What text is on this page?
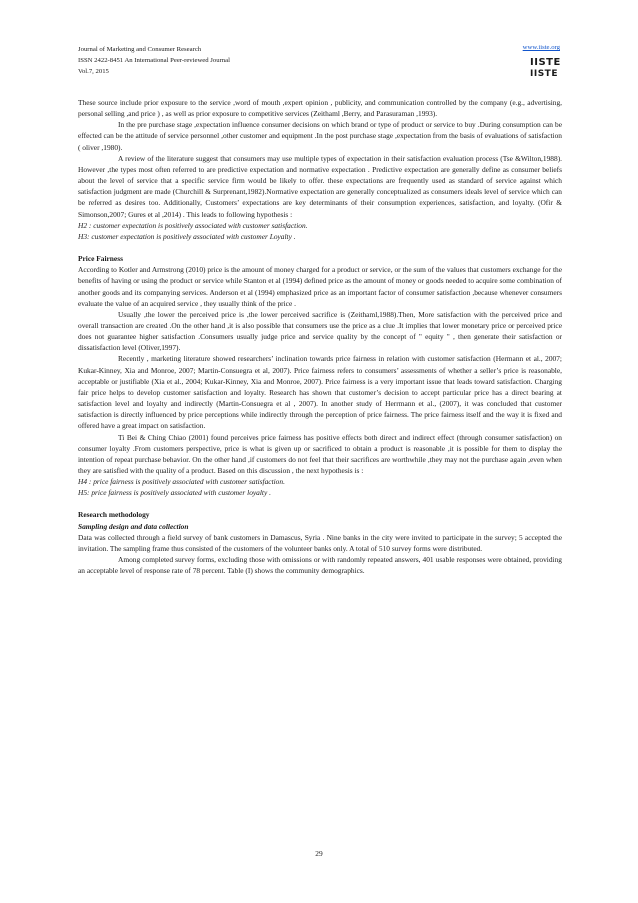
Journal of Marketing and Consumer Research

ISSN 2422-8451 An International Peer-reviewed Journal

Vol.7, 2015

www.iiste.org
IISTE
IISTE

These source include prior exposure to the service ,word of mouth ,expert opinion , publicity, and communication controlled by the company (e.g., advertising, personal selling ,and price ) , as well as prior exposure to competitive services (Zeithaml ,Berry, and Parasuraman ,1993).

In the pre purchase stage ,expectation influence consumer decisions on which brand or type of product or service to buy .During consumption can be effected can be the attitude of service personnel ,other customer and equipment .In the post purchase stage ,expectation from the basis of evaluations of satisfaction ( oliver ,1980).

A review of the literature suggest that consumers may use multiple types of expectation in their satisfaction evaluation process (Tse &Wilton,1988). However ,the types most often referred to are predictive expectation and normative expectation . Predictive expectation are generally define as consumer beliefs about the level of service that a specific service firm would be likely to offer. these expectations are frequently used as standard of service against which satisfaction judgment are made (Churchill & Surprenant,1982).Normative expectation are generally conceptualized as consumers ideals level of service which can be referred as desires too. Additionally, Customers’ expectations are key determinants of their consumption experiences, satisfaction, and loyalty. (Ofir & Simonson,2007; Gures et al ,2014) . This leads to following hypothesis :

H2 : customer expectation is positively associated with customer satisfaction.

H3: customer expectation is positively associated with customer Loyalty .

Price Fairness

According to Kotler and Armstrong (2010) price is the amount of money charged for a product or service, or the sum of the values that customers exchange for the benefits of having or using the product or service while Stanton et al (1994) defined price as the amount of money or goods needed to acquire some combination of another goods and its companying services. Anderson et al (1994) emphasized price as an important factor of consumer satisfaction ,because whenever consumers evaluate the value of an acquired service , they usually think of the price .

Usually ,the lower the perceived price is ,the lower perceived sacrifice is (Zeithaml,1988).Then, More satisfaction with the perceived price and overall transaction are created .On the other hand ,it is also possible that consumers use the price as a clue .It implies that lower monetary price or perceived price does not guarantee higher satisfaction .Consumers usually judge price and service quality by the concept of " equity " , then generate their satisfaction or dissatisfaction level (Oliver,1997).

Recently , marketing literature showed researchers’ inclination towards price fairness in relation with customer satisfaction (Hermann et al., 2007; Kukar-Kinney, Xia and Monroe, 2007; Martin-Consuegra et al, 2007). Price fairness refers to consumers’ assessments of whether a seller’s price is reasonable, acceptable or justifiable (Xia et al., 2004; Kukar-Kinney, Xia and Monroe, 2007). Price fairness is a very important issue that leads toward satisfaction. Charging fair price helps to develop customer satisfaction and loyalty. Research has shown that customer’s decision to accept particular price has a direct bearing at satisfaction level and loyalty and indirectly (Martin-Consuegra et al , 2007). In another study of Herrmann et al., (2007), it was concluded that customer satisfaction is directly influenced by price perceptions while indirectly through the perception of price fairness. The price fairness itself and the way it is fixed and offered have a great impact on satisfaction.

Ti Bei & Ching Chiao (2001) found perceives price fairness has positive effects both direct and indirect effect (through consumer satisfaction) on consumer loyalty .From customers perspective, price is what is given up or sacrificed to obtain a product is reasonable ,it is possible for them to display the intention of repeat purchase behavior. On the other hand ,if customers do not feel that their sacrifices are worthwhile ,they may not the purchase again ,even when they are satisfied with the quality of a product. Based on this discussion , the next hypothesis is :

H4 : price fairness is positively associated with customer satisfaction.

H5: price fairness is positively associated with customer loyalty .

Research methodology

Sampling design and data collection

Data was collected through a field survey of bank customers in Damascus, Syria . Nine banks in the city were invited to participate in the survey; 5 accepted the invitation. The sampling frame thus consisted of the customers of the volunteer banks only. A total of 510 survey forms were distributed.

Among completed survey forms, excluding those with omissions or with randomly repeated answers, 401 usable responses were obtained, providing an acceptable level of response rate of 78 percent. Table (I) shows the community demographics.

29
